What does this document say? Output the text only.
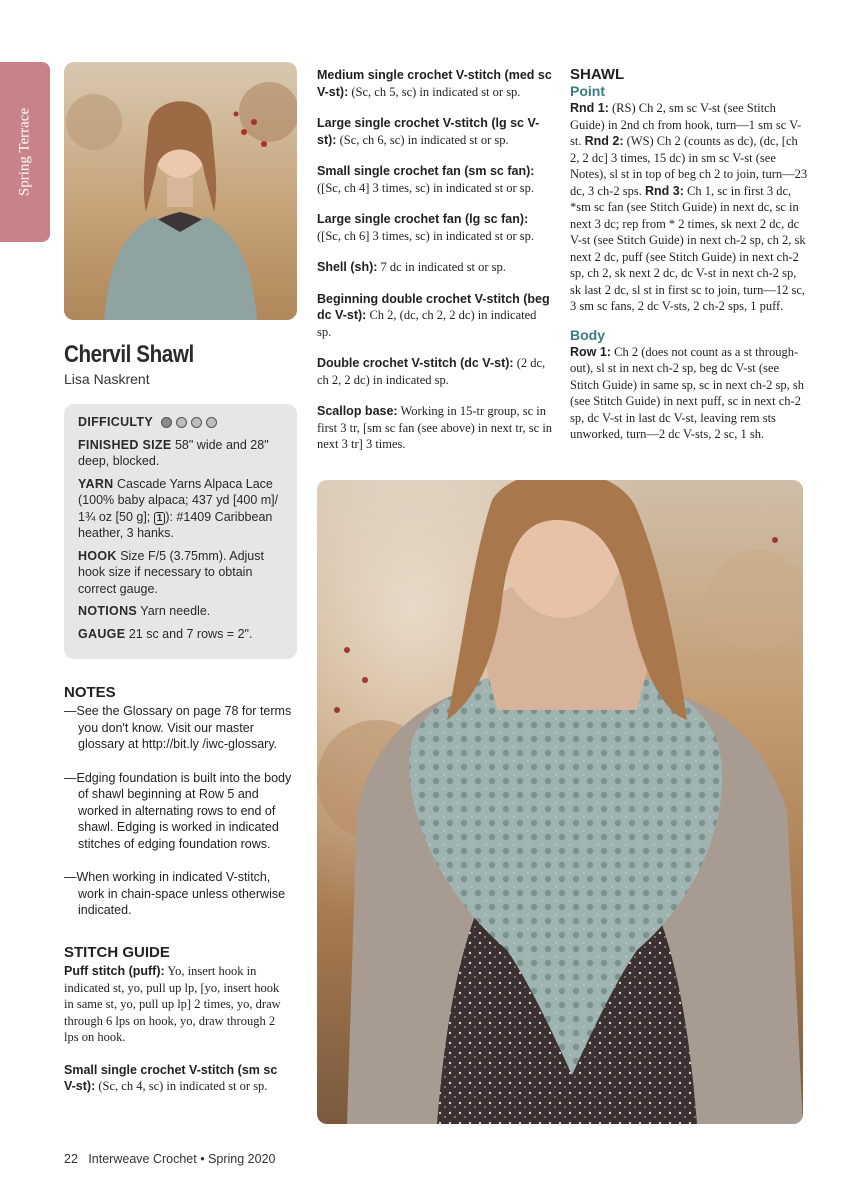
Spring Terrace
Chervil Shawl
Lisa Naskrent

DIFFICULTY

FINISHED SIZE 58" wide and 28" deep, blocked.

YARN Cascade Yarns Alpaca Lace (100% baby alpaca; 437 yd [400 m]/ 1¾ oz [50 g]; 1 ): #1409 Caribbean heather, 3 hanks.

HOOK Size F/5 (3.75mm). Adjust hook size if necessary to obtain correct gauge.

NOTIONS Yarn needle.

GAUGE 21 sc and 7 rows = 2".

NOTES

—See the Glossary on page 78 for terms you don't know. Visit our master glossary at http://bit.ly /iwc-glossary.

—Edging foundation is built into the body of shawl beginning at Row 5 and worked in alternating rows to end of shawl. Edging is worked in indicated stitches of edging foundation rows.

—When working in indicated V-stitch, work in chain-space unless otherwise indicated.

STITCH GUIDE

Puff stitch (puff): Yo, insert hook in indicated st, yo, pull up lp, [yo, insert hook in same st, yo, pull up lp] 2 times, yo, draw through 6 lps on hook, yo, draw through 2 lps on hook.

Small single crochet V-stitch (sm sc V-st): (Sc, ch 4, sc) in indicated st or sp.

Medium single crochet V-stitch (med sc V-st): (Sc, ch 5, sc) in indicated st or sp.

Large single crochet V-stitch (lg sc V-st): (Sc, ch 6, sc) in indicated st or sp.

Small single crochet fan (sm sc fan): ([Sc, ch 4] 3 times, sc) in indicated st or sp.

Large single crochet fan (lg sc fan): ([Sc, ch 6] 3 times, sc) in indicated st or sp.

Shell (sh): 7 dc in indicated st or sp.

Beginning double crochet V-stitch (beg dc V-st): Ch 2, (dc, ch 2, 2 dc) in indicated sp.

Double crochet V-stitch (dc V-st): (2 dc, ch 2, 2 dc) in indicated sp.

Scallop base: Working in 15-tr group, sc in first 3 tr, [sm sc fan (see above) in next tr, sc in next 3 tr] 3 times.

SHAWL
Point

Rnd 1: (RS) Ch 2, sm sc V-st (see Stitch Guide) in 2nd ch from hook, turn—1 sm sc V-st. Rnd 2: (WS) Ch 2 (counts as dc), (dc, [ch 2, 2 dc] 3 times, 15 dc) in sm sc V-st (see Notes), sl st in top of beg ch 2 to join, turn—23 dc, 3 ch-2 sps. Rnd 3: Ch 1, sc in first 3 dc, *sm sc fan (see Stitch Guide) in next dc, sc in next 3 dc; rep from * 2 times, sk next 2 dc, dc V-st (see Stitch Guide) in next ch-2 sp, ch 2, sk next 2 dc, puff (see Stitch Guide) in next ch-2 sp, ch 2, sk next 2 dc, dc V-st in next ch-2 sp, sk last 2 dc, sl st in first sc to join, turn—12 sc, 3 sm sc fans, 2 dc V-sts, 2 ch-2 sps, 1 puff.

Body

Row 1: Ch 2 (does not count as a st through-out), sl st in next ch-2 sp, beg dc V-st (see Stitch Guide) in same sp, sc in next ch-2 sp, sh (see Stitch Guide) in next puff, sc in next ch-2 sp, dc V-st in last dc V-st, leaving rem sts unworked, turn—2 dc V-sts, 2 sc, 1 sh.

22 Interweave Crochet • Spring 2020
